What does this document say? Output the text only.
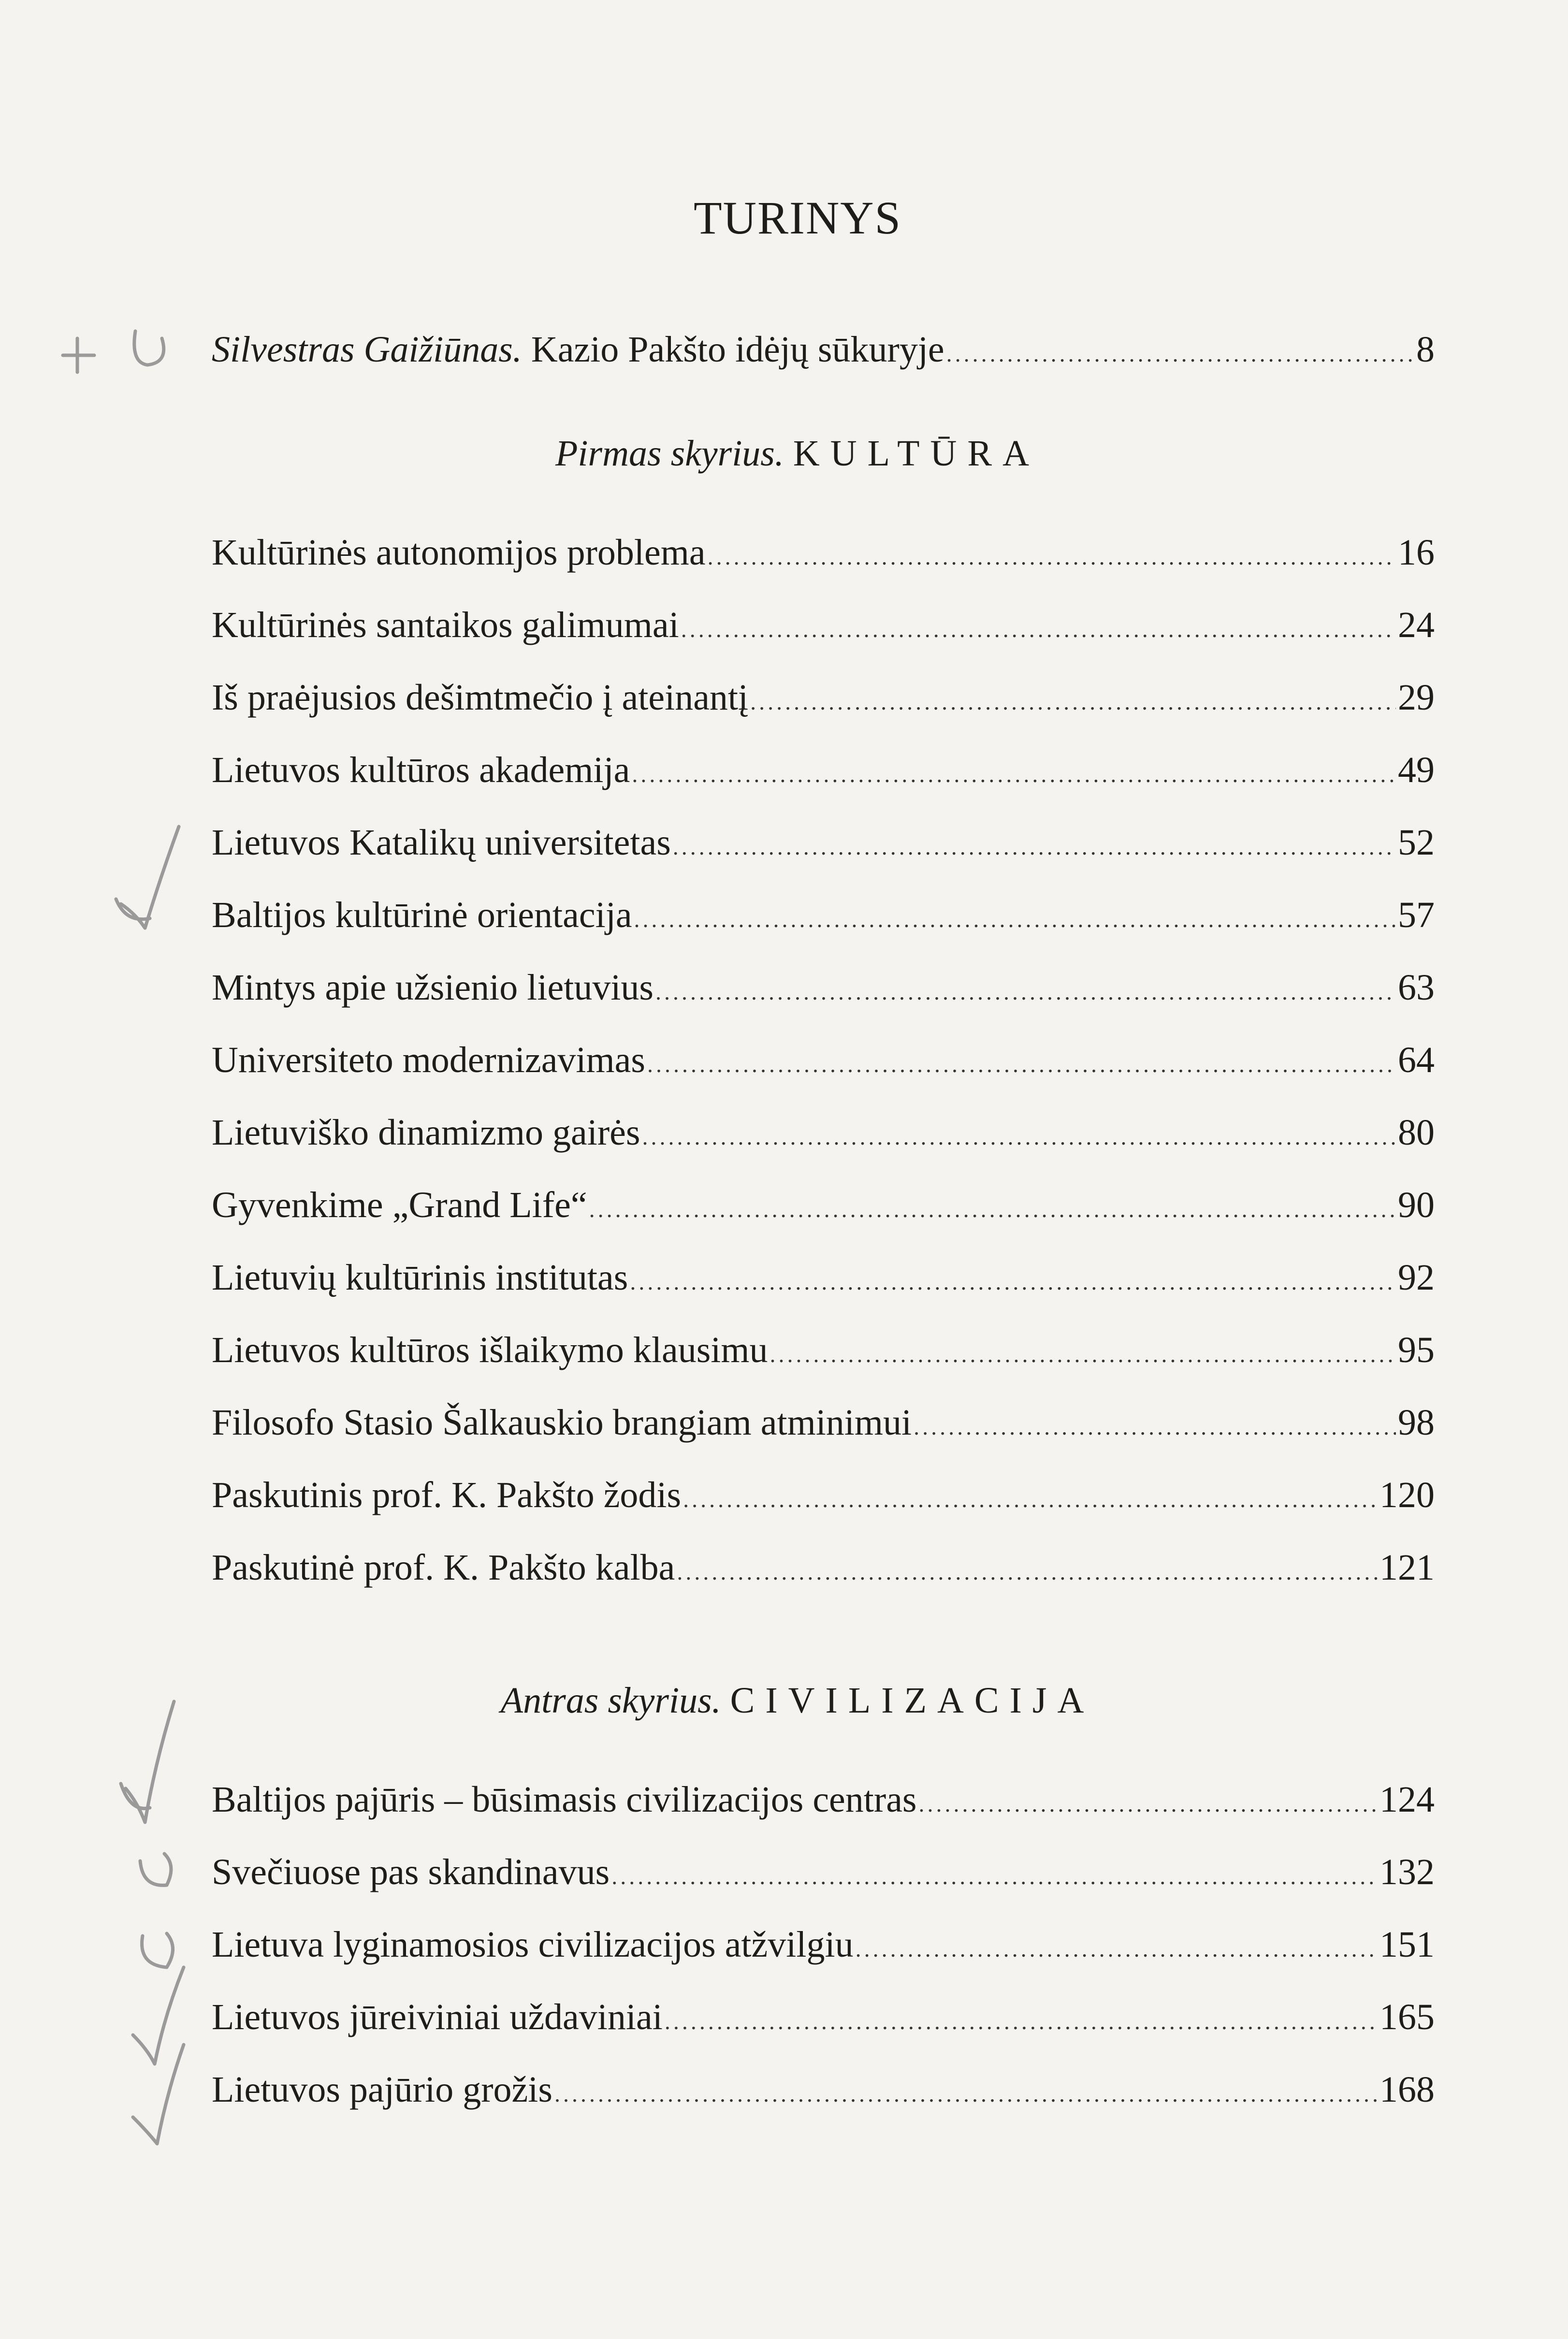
TURINYS
Silvestras Gaižiūnas. Kazio Pakšto idėjų sūkuryje .....	8
Pirmas skyrius. KULTŪRA
Kultūrinės autonomijos problema .....	16
Kultūrinės santaikos galimumai .....	24
Iš praėjusios dešimtmečio į ateinantį .....	29
Lietuvos kultūros akademija .....	49
Lietuvos Katalikų universitetas .....	52
Baltijos kultūrinė orientacija .....	57
Mintys apie užsienio lietuvius .....	63
Universiteto modernizavimas .....	64
Lietuviško dinamizmo gairės .....	80
Gyvenkime „Grand Life“ .....	90
Lietuvių kultūrinis institutas .....	92
Lietuvos kultūros išlaikymo klausimu .....	95
Filosofo Stasio Šalkauskio brangiam atminimui .....	98
Paskutinis prof. K. Pakšto žodis .....	120
Paskutinė prof. K. Pakšto kalba .....	121
Antras skyrius. CIVILIZACIJA
Baltijos pajūris – būsimasis civilizacijos centras .....	124
Svečiuose pas skandinavus .....	132
Lietuva lyginamosios civilizacijos atžvilgiu .....	151
Lietuvos jūreiviniai uždaviniai .....	165
Lietuvos pajūrio grožis .....	168
